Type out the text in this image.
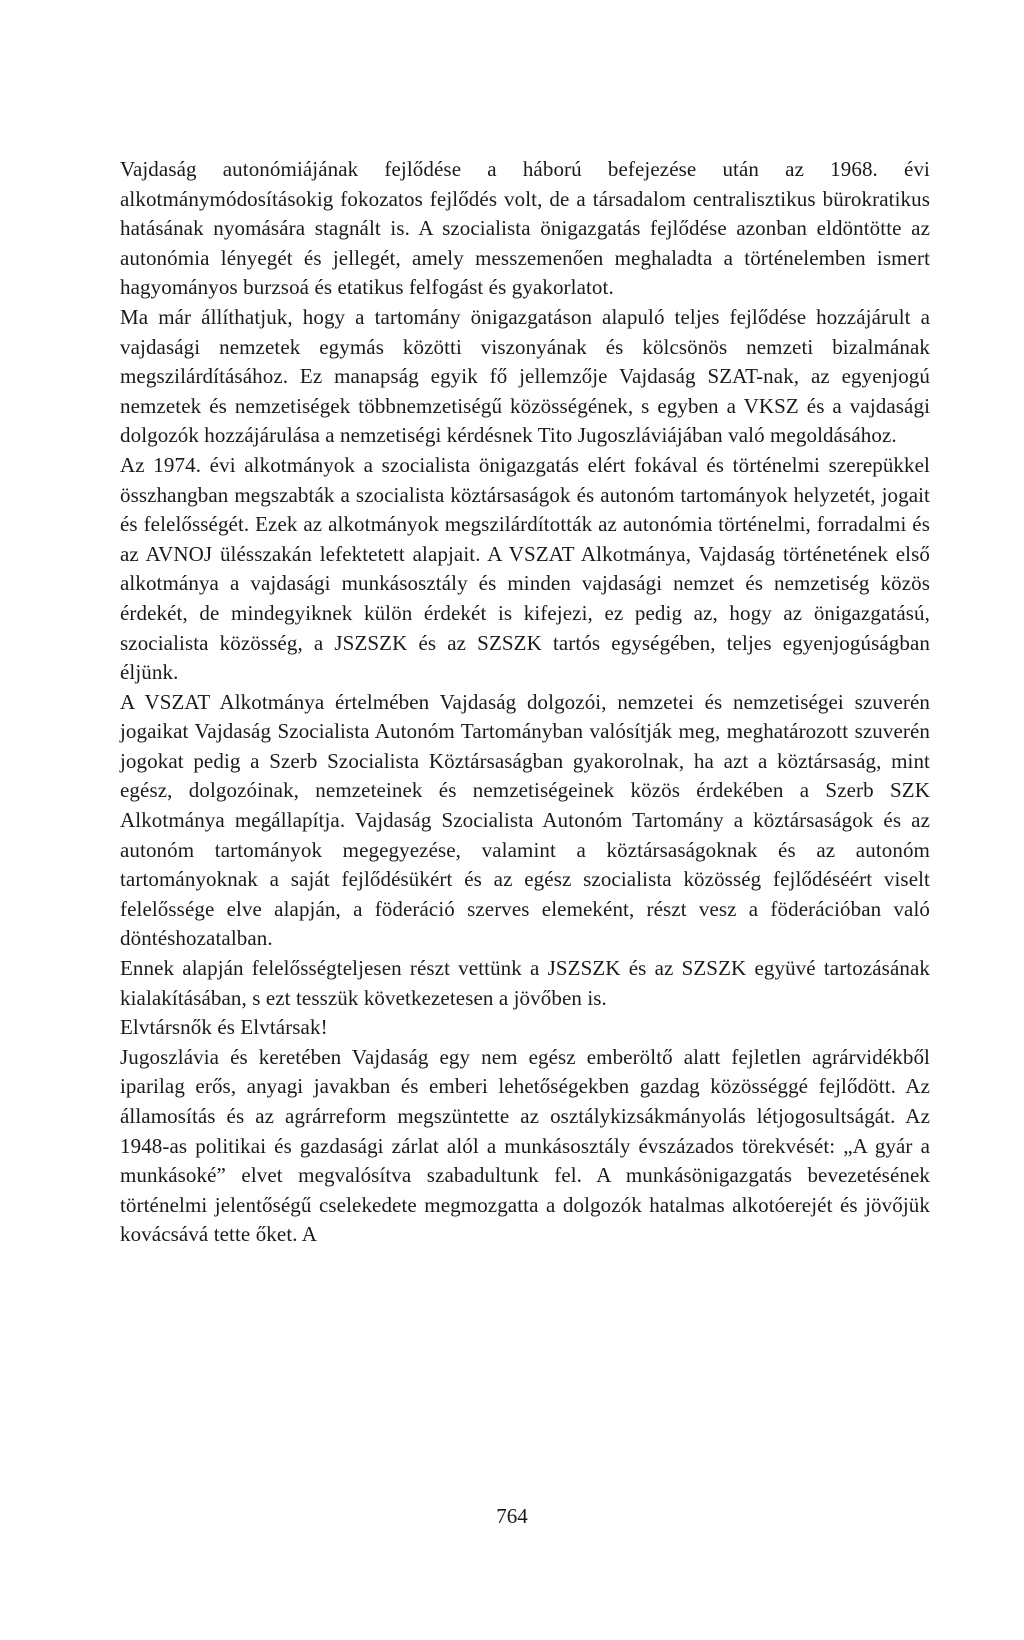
Vajdaság autonómiájának fejlődése a háború befejezése után az 1968. évi alkotmánymódosításokig fokozatos fejlődés volt, de a társadalom centralisztikus bürokratikus hatásának nyomására stagnált is. A szocialista önigazgatás fejlődése azonban eldöntötte az autonómia lényegét és jellegét, amely messzemenően meghaladta a történelemben ismert hagyományos burzsoá és etatikus felfogást és gyakorlatot.

Ma már állíthatjuk, hogy a tartomány önigazgatáson alapuló teljes fejlődése hozzájárult a vajdasági nemzetek egymás közötti viszonyának és kölcsönös nemzeti bizalmának megszilárdításához. Ez manapság egyik fő jellemzője Vajdaság SZAT-nak, az egyenjogú nemzetek és nemzetiségek többnemzetiségű közösségének, s egyben a VKSZ és a vajdasági dolgozók hozzájárulása a nemzetiségi kérdésnek Tito Jugoszláviájában való megoldásához.

Az 1974. évi alkotmányok a szocialista önigazgatás elért fokával és történelmi szerepükkel összhangban megszabták a szocialista köztársaságok és autonóm tartományok helyzetét, jogait és felelősségét. Ezek az alkotmányok megszilárdították az autonómia történelmi, forradalmi és az AVNOJ ülésszakán lefektetett alapjait. A VSZAT Alkotmánya, Vajdaság történetének első alkotmánya a vajdasági munkásosztály és minden vajdasági nemzet és nemzetiség közös érdekét, de mindegyiknek külön érdekét is kifejezi, ez pedig az, hogy az önigazgatású, szocialista közösség, a JSZSZK és az SZSZK tartós egységében, teljes egyenjogúságban éljünk.

A VSZAT Alkotmánya értelmében Vajdaság dolgozói, nemzetei és nemzetiségei szuverén jogaikat Vajdaság Szocialista Autonóm Tartományban valósítják meg, meghatározott szuverén jogokat pedig a Szerb Szocialista Köztársaságban gyakorolnak, ha azt a köztársaság, mint egész, dolgozóinak, nemzeteinek és nemzetiségeinek közös érdekében a Szerb SZK Alkotmánya megállapítja. Vajdaság Szocialista Autonóm Tartomány a köztársaságok és az autonóm tartományok megegyezése, valamint a köztársaságoknak és az autonóm tartományoknak a saját fejlődésükért és az egész szocialista közösség fejlődéséért viselt felelőssége elve alapján, a föderáció szerves elemeként, részt vesz a föderációban való döntéshozatalban.

Ennek alapján felelősségteljesen részt vettünk a JSZSZK és az SZSZK együvé tartozásának kialakításában, s ezt tesszük következetesen a jövőben is.

Elvtársnők és Elvtársak!

Jugoszlávia és keretében Vajdaság egy nem egész emberöltő alatt fejletlen agrárvidékből iparilag erős, anyagi javakban és emberi lehetőségekben gazdag közösséggé fejlődött. Az államosítás és az agrárreform megszüntette az osztálykizsákmányolás létjogosultságát. Az 1948-as politikai és gazdasági zárlat alól a munkásosztály évszázados törekvését: „A gyár a munkásoké” elvet megvalósítva szabadultunk fel. A munkásönigazgatás bevezetésének történelmi jelentőségű cselekedete megmozgatta a dolgozók hatalmas alkotóerejét és jövőjük kovácsává tette őket. A

764
